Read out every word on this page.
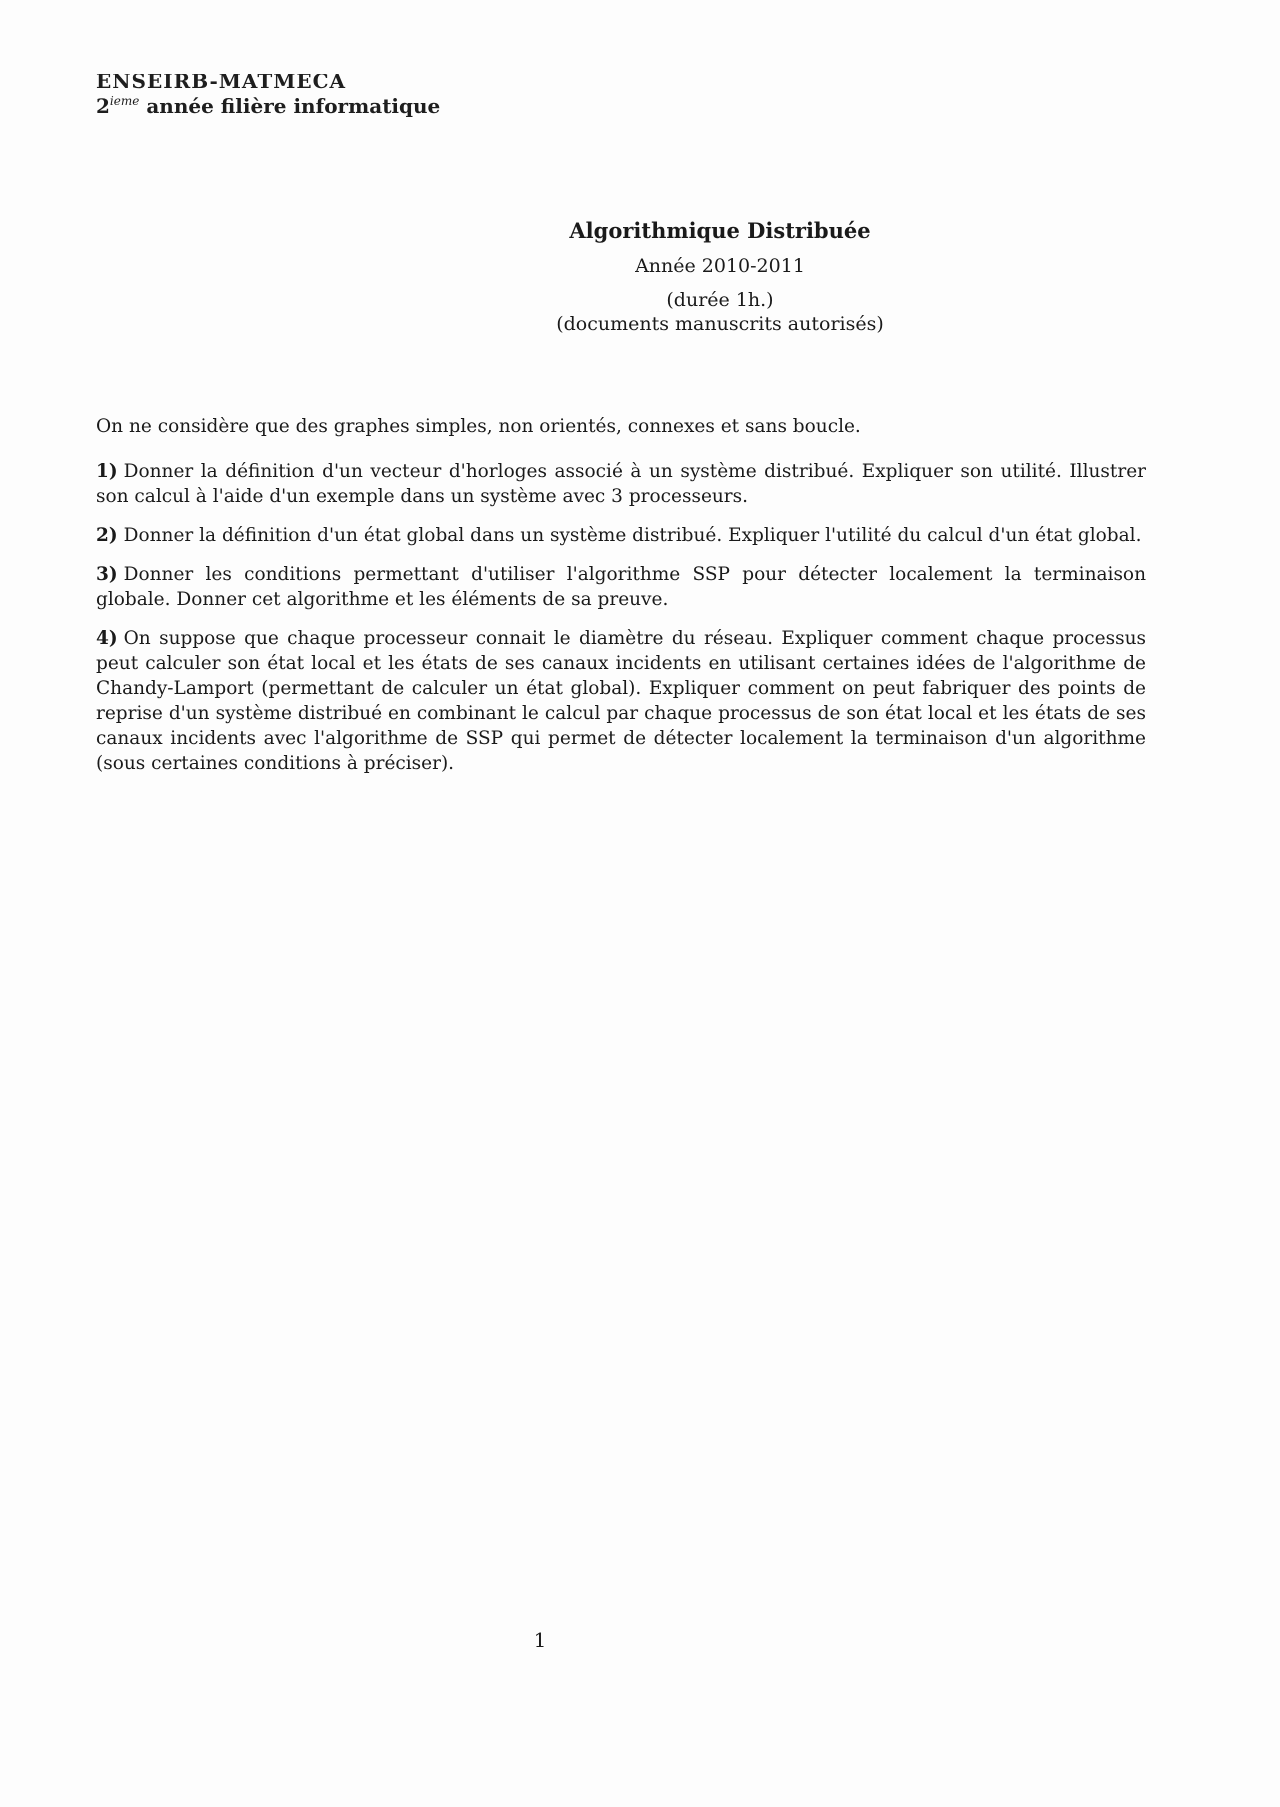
ENSEIRB-MATMECA
2ieme année filière informatique
Algorithmique Distribuée
Année 2010-2011
(durée 1h.)
(documents manuscrits autorisés)

On ne considère que des graphes simples, non orientés, connexes et sans boucle.

1) Donner la définition d'un vecteur d'horloges associé à un système distribué. Expliquer son utilité. Illustrer son calcul à l'aide d'un exemple dans un système avec 3 processeurs.

2) Donner la définition d'un état global dans un système distribué. Expliquer l'utilité du calcul d'un état global.

3) Donner les conditions permettant d'utiliser l'algorithme SSP pour détecter localement la terminaison globale. Donner cet algorithme et les éléments de sa preuve.

4) On suppose que chaque processeur connait le diamètre du réseau. Expliquer comment chaque processus peut calculer son état local et les états de ses canaux incidents en utilisant certaines idées de l'algorithme de Chandy-Lamport (permettant de calculer un état global). Expliquer comment on peut fabriquer des points de reprise d'un système distribué en combinant le calcul par chaque processus de son état local et les états de ses canaux incidents avec l'algorithme de SSP qui permet de détecter localement la terminaison d'un algorithme (sous certaines conditions à préciser).

1
